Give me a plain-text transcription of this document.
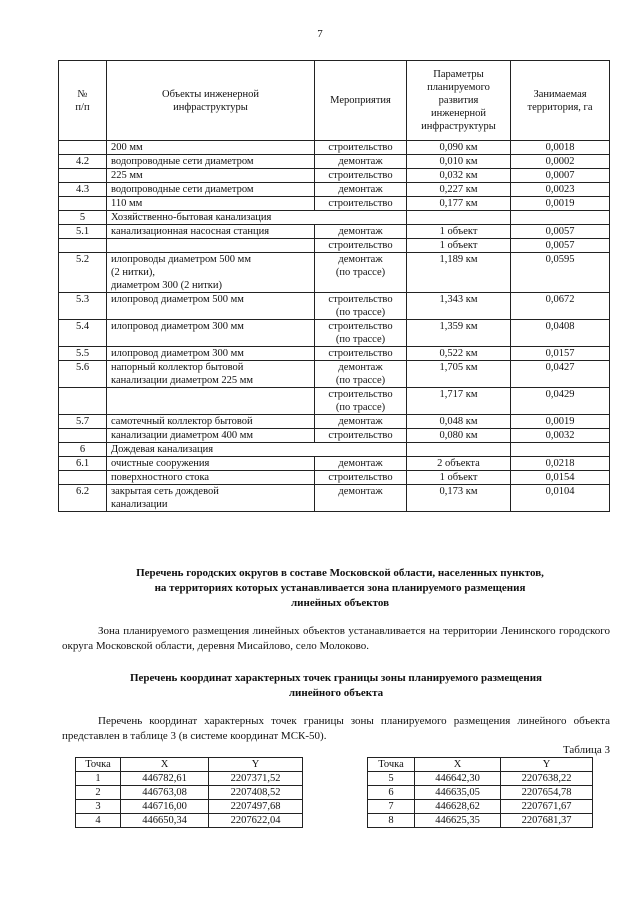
7
№
п/п	Объекты инженерной
инфраструктуры	Мероприятия	Параметры
планируемого
развития
инженерной
инфраструктуры	Занимаемая
территория, га
	200 мм	строительство	0,090 км	0,0018
4.2	водопроводные сети диаметром	демонтаж	0,010 км	0,0002
	225 мм	строительство	0,032 км	0,0007
4.3	водопроводные сети диаметром	демонтаж	0,227 км	0,0023
	110 мм	строительство	0,177 км	0,0019
5	Хозяйственно-бытовая канализация			
5.1	канализационная насосная станция	демонтаж	1 объект	0,0057
		строительство	1 объект	0,0057
5.2	илопроводы диаметром 500 мм
(2 нитки),
диаметром 300 (2 нитки)	демонтаж
(по трассе)	1,189 км	0,0595
5.3	илопровод диаметром 500 мм	строительство
(по трассе)	1,343 км	0,0672
5.4	илопровод диаметром 300 мм	строительство
(по трассе)	1,359 км	0,0408
5.5	илопровод диаметром 300 мм	строительство	0,522 км	0,0157
5.6	напорный коллектор бытовой
канализации диаметром 225 мм	демонтаж
(по трассе)	1,705 км	0,0427
		строительство
(по трассе)	1,717 км	0,0429
5.7	самотечный коллектор бытовой	демонтаж	0,048 км	0,0019
	канализации диаметром 400 мм	строительство	0,080 км	0,0032
6	Дождевая канализация			
6.1	очистные сооружения	демонтаж	2 объекта	0,0218
	поверхностного стока	строительство	1 объект	0,0154
6.2	закрытая сеть дождевой
канализации	демонтаж	0,173 км	0,0104
Перечень городских округов в составе Московской области, населенных пунктов,
на территориях которых устанавливается зона планируемого размещения
линейных объектов
Зона планируемого размещения линейных объектов устанавливается на территории Ленинского городского округа Московской области, деревня Мисайлово, село Молоково.
Перечень координат характерных точек границы зоны планируемого размещения
линейного объекта
Перечень координат характерных точек границы зоны планируемого размещения линейного объекта представлен в таблице 3 (в системе координат МСК-50).
Таблица 3
Точка	X	Y
1	446782,61	2207371,52
2	446763,08	2207408,52
3	446716,00	2207497,68
4	446650,34	2207622,04
Точка	X	Y
5	446642,30	2207638,22
6	446635,05	2207654,78
7	446628,62	2207671,67
8	446625,35	2207681,37
